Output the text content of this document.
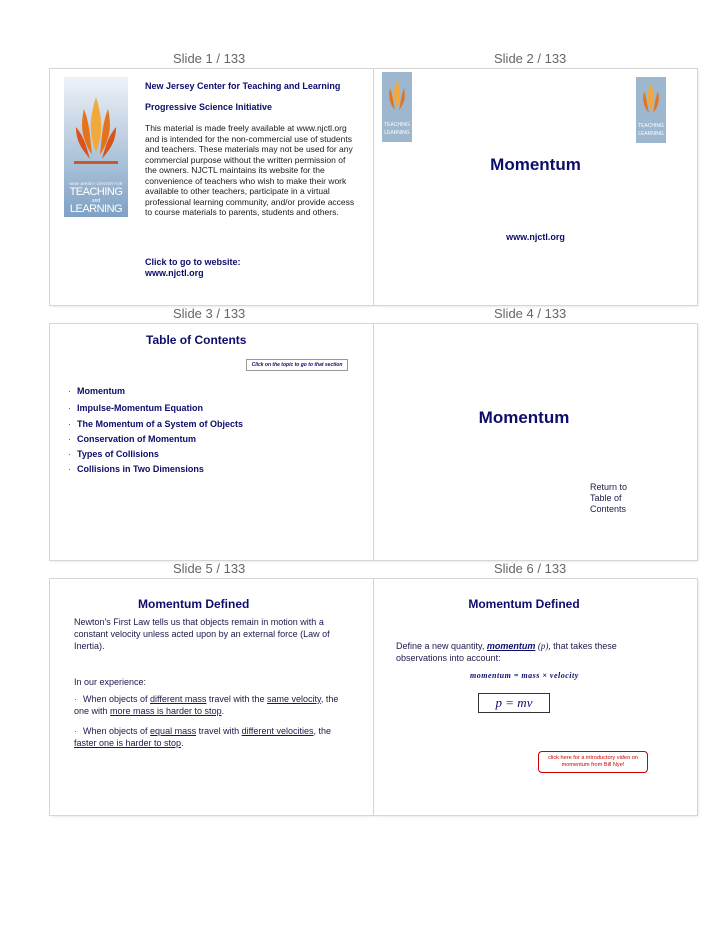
Slide 1 / 133	Slide 2 / 133
Slide 3 / 133	Slide 4 / 133
Slide 5 / 133	Slide 6 / 133
NEW JERSEY CENTER FOR
TEACHING
and
LEARNING
New Jersey Center for Teaching and Learning
Progressive Science Initiative
This material is made freely available at www.njctl.org and is intended for the non-commercial use of students and teachers. These materials may not be used for any commercial purpose without the written permission of the owners. NJCTL maintains its website for the convenience of teachers who wish to make their work available to other teachers, participate in a virtual professional learning community, and/or provide access to course materials to parents, students and others.
Click to go to website:
www.njctl.org
TEACHING
LEARNING
TEACHING
LEARNING
Momentum
www.njctl.org
Table of Contents
Click on the topic to go to that section
· Momentum
· Impulse-Momentum Equation
· The Momentum of a System of Objects
· Conservation of Momentum
· Types of Collisions
· Collisions in Two Dimensions
Momentum
Return to
Table of
Contents
Momentum Defined
Newton's First Law tells us that objects remain in motion with a constant velocity unless acted upon by an external force (Law of Inertia).
In our experience:
· When objects of different mass travel with the same velocity, the one with more mass is harder to stop.
· When objects of equal mass travel with different velocities, the faster one is harder to stop.
Momentum Defined
Define a new quantity, momentum (p), that takes these observations into account:
momentum = mass × velocity
p = mv
click here for a introductory video on momentum from Bill Nye!
